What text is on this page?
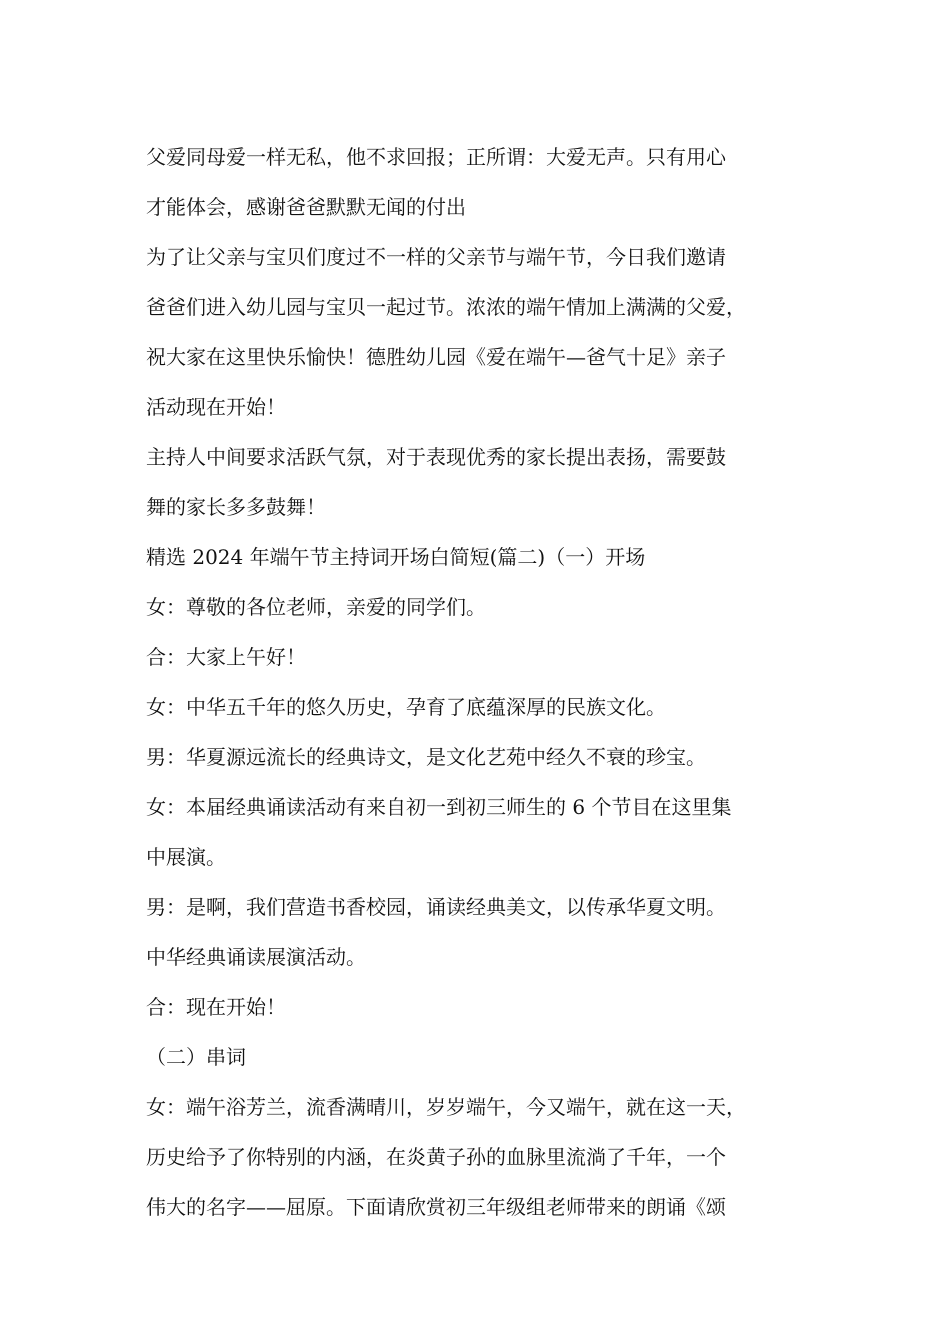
父爱同母爱一样无私，他不求回报；正所谓：大爱无声。只有用心

才能体会，感谢爸爸默默无闻的付出

为了让父亲与宝贝们度过不一样的父亲节与端午节，今日我们邀请

爸爸们进入幼儿园与宝贝一起过节。浓浓的端午情加上满满的父爱，

祝大家在这里快乐愉快！德胜幼儿园《爱在端午—爸气十足》亲子

活动现在开始！

主持人中间要求活跃气氛，对于表现优秀的家长提出表扬，需要鼓

舞的家长多多鼓舞！

精选 2024 年端午节主持词开场白简短(篇二)（一）开场

女：尊敬的各位老师，亲爱的同学们。

合：大家上午好！

女：中华五千年的悠久历史，孕育了底蕴深厚的民族文化。

男：华夏源远流长的经典诗文，是文化艺苑中经久不衰的珍宝。

女：本届经典诵读活动有来自初一到初三师生的 6 个节目在这里集

中展演。

男：是啊，我们营造书香校园，诵读经典美文，以传承华夏文明。

中华经典诵读展演活动。

合：现在开始！

（二）串词

女：端午浴芳兰，流香满晴川，岁岁端午，今又端午，就在这一天，

历史给予了你特别的内涵，在炎黄子孙的血脉里流淌了千年，一个

伟大的名字——屈原。下面请欣赏初三年级组老师带来的朗诵《颂
